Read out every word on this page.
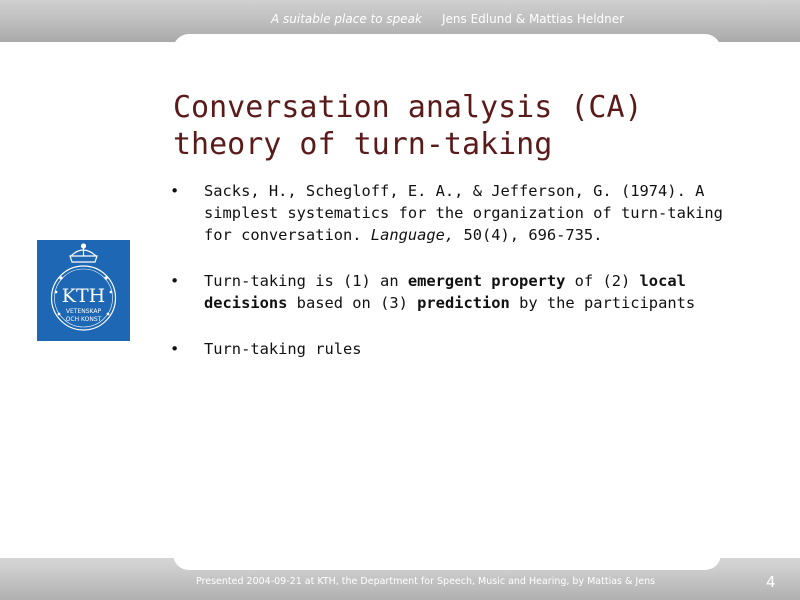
A suitable place to speak Jens Edlund & Mattias Heldner
Conversation analysis (CA)
theory of turn-taking
KTH
VETENSKAP
OCH KONST
•	Sacks, H., Schegloff, E. A., & Jefferson, G. (1974). A simplest systematics for the organization of turn-taking for conversation. Language, 50(4), 696-735.
•	Turn-taking is (1) an emergent property of (2) local decisions based on (3) prediction by the participants
•	Turn-taking rules
Presented 2004-09-21 at KTH, the Department for Speech, Music and Hearing, by Mattias & Jens	4
